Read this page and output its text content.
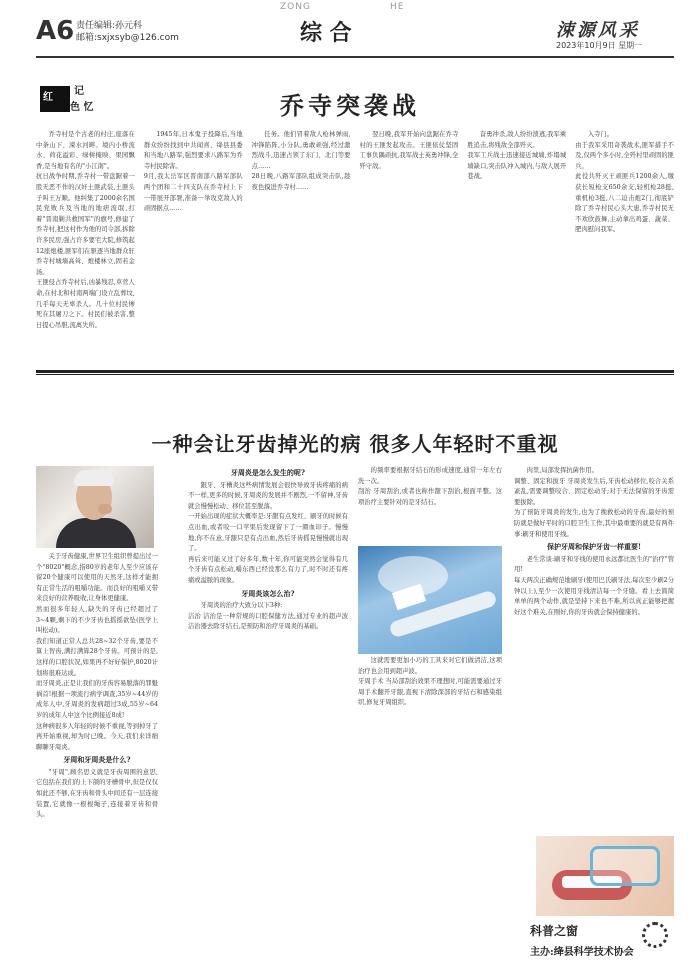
A6 责任编辑:孙元科
邮箱:sxjxsyb@126.com
ZONG	HE
综 合	涑源风采
2023年10月9日 星期一
红
记
色 忆	乔寺突袭战

乔寺村是个古老的村庄,座落在中条山下、涑水河畔。境内小桥流水、荷花溢彩、绿树掩映、果园飘香,是当地有名的"小江南"。
抗日战争时期,乔寺村一带盘踞着一股无恶不作的汉奸土匪武装,土匪头子叫王万顺。他纠集了2000余名国民党败兵及当地的地痞流氓,打着"晋南剿共救国军"的旗号,修建了乔寺村,把这村作为他的司令部,拆除许多民房,强占许多要宅大院,修筑起12座炮楼,匪军们在驱逐当地群众驻乔寺村城墙高耸、炮楼林立,固若金汤。
王匪侵占乔寺村后,凶暴残忍,草菅人命,在村北和村南两端门设立乱葬坟,几乎每天无辜杀人。几十位村民惨死在其屠刀之下。村民们被杀害,整日提心吊胆,流离失所。

1945年,日本鬼子投降后,当地群众纷纷找到中共闻喜、绛县县委和当地八路军,强烈要求八路军为乔寺村民除害。
9月,我太岳军区晋南部八路军部队两个团和二十四支队在乔寺村上下一带展开部署,准备一举攻克敌人的顽固据点……

任务。他们冒着敌人枪林弹雨,冲锋陷阵,小分队,勇敢顽强,经过激烈战斗,迅速占领了东门、北门等要点……
28日晚,八路军部队组成突击队,趁夜色摸进乔寺村……

翌日晚,我军开始向盘踞在乔寺村的王匪发起攻击。王匪依仗坚固工事负隅顽抗,我军战士英勇冲锋,全歼守敌。

奋勇冲杀,敌人纷纷溃逃,我军乘胜追击,将残敌全部歼灭。
我军工兵战士迅速接近城墙,炸塌城墙缺口,突击队冲入城内,与敌人展开巷战。

入寺门。
由于我军采用奇袭战术,匪军措手不及,仅两个多小时,全歼村里顽固的匪兵。
此役共歼灭王顽匪兵1200余人,缴获长短枪支650余支,轻机枪28挺,重机枪3挺,八二迫击炮2门,彻底铲除了乔寺村民心头大患,乔寺村民无不欢欣鼓舞,主动拿出鸡蛋、蔬菜、肥肉慰问我军。

一种会让牙齿掉光的病 很多人年轻时不重视

关于牙齿健康,世界卫生组织曾提出过一个"8020"概念,指80岁的老年人至少应该存留20个健康可以使用的天然牙,这样才能拥有正常生活的咀嚼功能。而良好的咀嚼又带来良好的营养吸收,让身体更健康。
然而很多年轻人,缺失的牙齿已经超过了3~4颗,剩下的不少牙齿也摇摇欲坠(医学上叫松动)。
我们知道正常人总共28~32个牙齿,要是不算上智齿,满打满算28个牙齿。可预计的是,这样的口腔状况,如果再不好好保护,8020计划将很难达成。
而牙周炎,正是让我们的牙齿容易脱落的罪魁祸首!根据一项流行病学调查,35岁~44岁的成年人中,牙周炎的发病超过3成,55岁~64岁的成年人中这个比例接近8成!
这种病很多人年轻的时候不重视,等到掉牙了再开始重视,却为时已晚。今天,我们来详细聊聊牙周炎。

牙周和牙周炎是什么?

"牙周",顾名思义就是牙齿周围的意思,它包括在我们的上下颌的牙槽骨中,但是仅仅如此还不够,在牙齿和骨头中间还有一层连接装置,它就像一根根绳子,连接着牙齿和骨头。

牙周炎是怎么发生的呢?

跟牙、牙槽炎这些病情发展会很快导致牙齿疼痛的病不一样,更多的时候,牙周炎的发展并不剧烈,一不留神,牙齿就会慢慢松动、移位甚至脱落。
一开始出现的症状大概率是:牙龈有点发红、刷牙的时候有点出血,或者咬一口苹果后发现留下了一圈血印子。慢慢地,你不在意,牙龈只是有点出血,然后牙齿摇晃慢慢就出现了。
再后来可能又过了好多年,数十年,你可能突然会觉得有几个牙齿有点松动,嚼东西已经没那么有力了,时不时还有疼痛或溢脓的现象。

牙周炎该怎么治?

牙周炎的治疗大致分以下3种:
洁治 洁治是一种常规的口腔保健方法,通过专业的超声波洁治器去除牙结石,是预防和治疗牙周炎的基础。

的频率要根据牙结石的形成速度,通常一年左右洗一次。
刮治 牙周刮治,或者也称作龈下刮治,根面平整。这项治疗主要针对的是牙结石。

这就需要更加小巧的工具来对它们做清洁,这项治疗也会用到超声波。
牙周手术 当局部刮治效果不理想时,可能需要通过牙周手术翻开牙龈,直视下清除深部的牙结石和感染组织,修复牙周组织。

肉里,局部发挥抗菌作用。
调整、固定和拔牙 牙周炎发生后,牙齿松动移位,咬合关系紊乱,需要调整咬合、固定松动牙;对于无法保留的牙齿需要拔除。
为了预防牙周炎的发生,也为了挽救松动的牙齿,最好的预防就是做好平时的口腔卫生工作,其中最重要的就是有两件事:刷牙和使用牙线。

保护牙周和保护牙齿一样重要!

老生常谈:刷牙和牙线的使用永远都比医生的"治疗"管用!
每天两次正确规范地刷牙(使用巴氏刷牙法,每次至少刷2分钟以上),至少一次使用牙线清洁每一个牙缝。看上去简简单单的两个动作,就是坚持下来也不难,所以真正能够把握好这个难关,在刚好,你的牙齿就会保持健康的。

科普之窗
主办:绛县科学技术协会
